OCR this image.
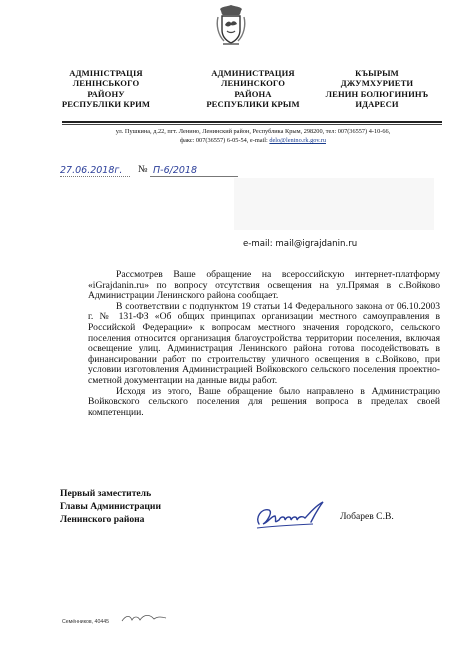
АДМІНІСТРАЦІЯ
ЛЕНІНСЬКОГО
РАЙОНУ
РЕСПУБЛІКИ КРИМ
АДМИНИСТРАЦИЯ
ЛЕНИНСКОГО
РАЙОНА
РЕСПУБЛИКИ КРЫМ
КЪЫРЫМ
ДЖУМХУРИЕТИ
ЛЕНИН БОЛЮГИНИНЪ
ИДАРЕСИ
ул. Пушкина, д.22, пгт. Ленино, Ленинский район, Республика Крым, 298200, тел: 007(36557) 4-10-66,
факс: 007(36557) 6-05-54, e-mail: delo@lenino.rk.gov.ru
27.06.2018г. № П-6/2018
e-mail: mail@igrajdanin.ru

Рассмотрев Ваше обращение на всероссийскую интернет-платформу «iGrajdanin.ru» по вопросу отсутствия освещения на ул.Прямая в с.Войково Администрации Ленинского района сообщает.

В соответствии с подпунктом 19 статьи 14 Федерального закона от 06.10.2003 г. № 131-ФЗ «Об общих принципах организации местного самоуправления в Российской Федерации» к вопросам местного значения городского, сельского поселения относится организация благоустройства территории поселения, включая освещение улиц. Администрация Ленинского района готова посодействовать в финансировании работ по строительству уличного освещения в с.Войково, при условии изготовления Администрацией Войковского сельского поселения проектно-сметной документации на данные виды работ.

Исходя из этого, Ваше обращение было направлено в Администрацию Войковского сельского поселения для решения вопроса в пределах своей компетенции.

Первый заместитель
Главы Администрации
Ленинского района	Лобарев С.В.
Семёнников, 40445
